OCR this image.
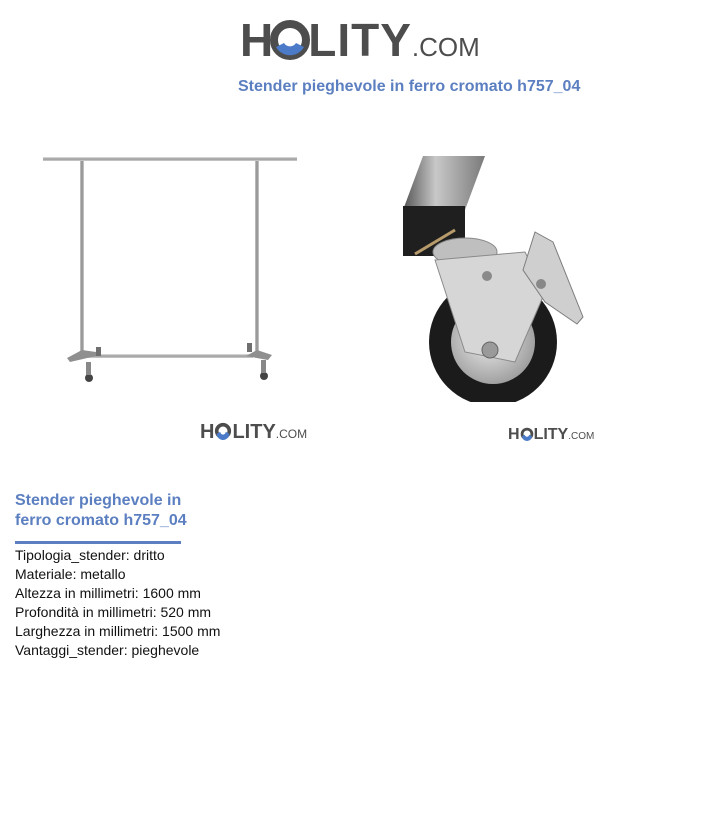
H LITY.COM
Stender pieghevole in ferro cromato h757_04
H LITY.COM	H LITY.COM
Stender pieghevole in ferro cromato h757_04
Tipologia_stender: dritto
Materiale: metallo
Altezza in millimetri: 1600 mm
Profondità in millimetri: 520 mm
Larghezza in millimetri: 1500 mm
Vantaggi_stender: pieghevole
